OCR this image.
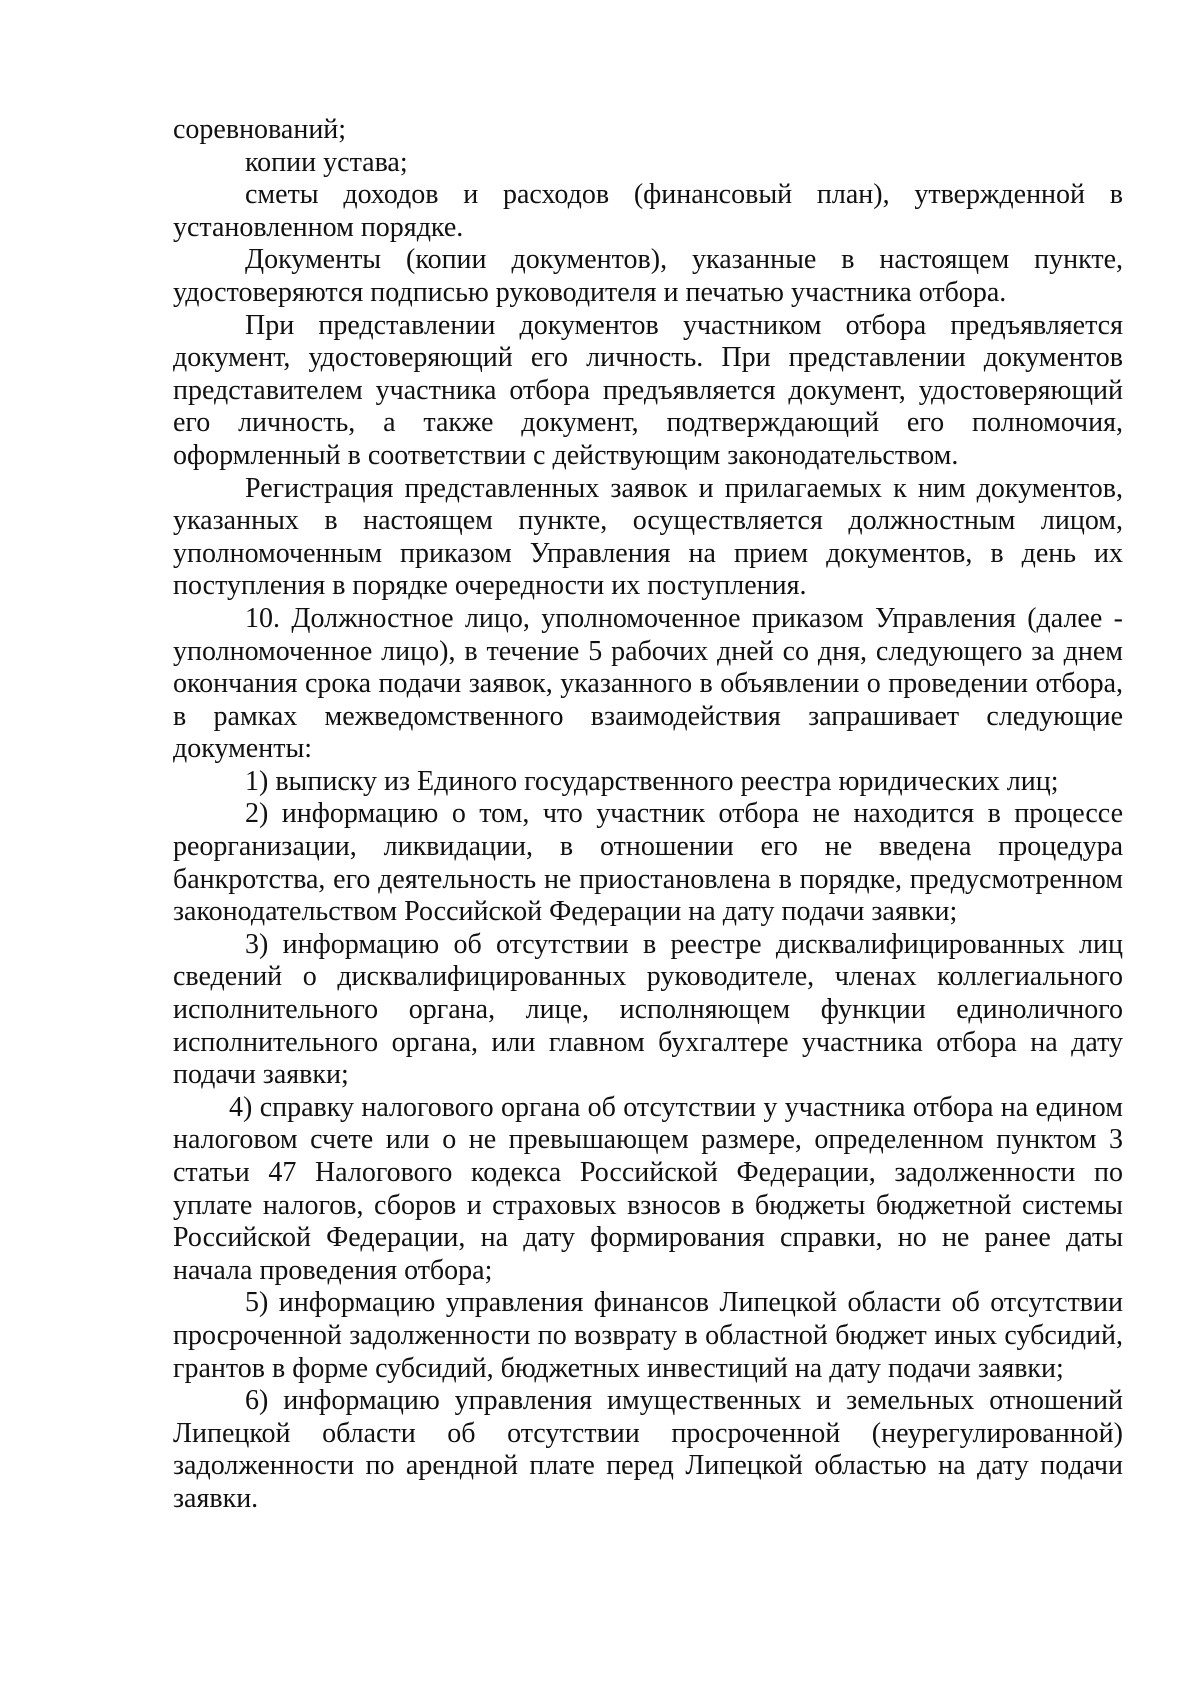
соревнований;

копии устава;

сметы доходов и расходов (финансовый план), утвержденной в установленном порядке.

Документы (копии документов), указанные в настоящем пункте, удостоверяются подписью руководителя и печатью участника отбора.

При представлении документов участником отбора предъявляется документ, удостоверяющий его личность. При представлении документов представителем участника отбора предъявляется документ, удостоверяющий его личность, а также документ, подтверждающий его полномочия, оформленный в соответствии с действующим законодательством.

Регистрация представленных заявок и прилагаемых к ним документов, указанных в настоящем пункте, осуществляется должностным лицом, уполномоченным приказом Управления на прием документов, в день их поступления в порядке очередности их поступления.

10. Должностное лицо, уполномоченное приказом Управления (далее - уполномоченное лицо), в течение 5 рабочих дней со дня, следующего за днем окончания срока подачи заявок, указанного в объявлении о проведении отбора, в рамках межведомственного взаимодействия запрашивает следующие документы:

1) выписку из Единого государственного реестра юридических лиц;

2) информацию о том, что участник отбора не находится в процессе реорганизации, ликвидации, в отношении его не введена процедура банкротства, его деятельность не приостановлена в порядке, предусмотренном законодательством Российской Федерации на дату подачи заявки;

3) информацию об отсутствии в реестре дисквалифицированных лиц сведений о дисквалифицированных руководителе, членах коллегиального исполнительного органа, лице, исполняющем функции единоличного исполнительного органа, или главном бухгалтере участника отбора на дату подачи заявки;

4) справку налогового органа об отсутствии у участника отбора на едином налоговом счете или о не превышающем размере, определенном пунктом 3 статьи 47 Налогового кодекса Российской Федерации, задолженности по уплате налогов, сборов и страховых взносов в бюджеты бюджетной системы Российской Федерации, на дату формирования справки, но не ранее даты начала проведения отбора;

5) информацию управления финансов Липецкой области об отсутствии просроченной задолженности по возврату в областной бюджет иных субсидий, грантов в форме субсидий, бюджетных инвестиций на дату подачи заявки;

6) информацию управления имущественных и земельных отношений Липецкой области об отсутствии просроченной (неурегулированной) задолженности по арендной плате перед Липецкой областью на дату подачи заявки.
